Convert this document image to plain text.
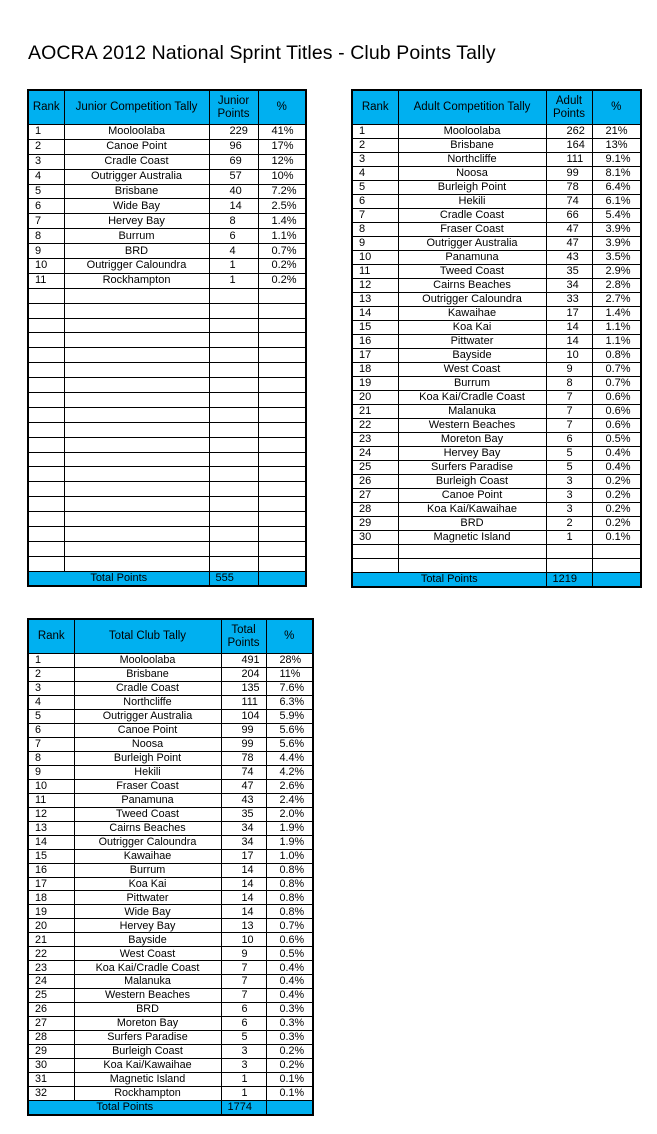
AOCRA 2012 National Sprint Titles - Club Points Tally
Rank	Junior Competition Tally	Junior Points	%
1	Mooloolaba	229	41%
2	Canoe Point	96	17%
3	Cradle Coast	69	12%
4	Outrigger Australia	57	10%
5	Brisbane	40	7.2%
6	Wide Bay	14	2.5%
7	Hervey Bay	8	1.4%
8	Burrum	6	1.1%
9	BRD	4	0.7%
10	Outrigger Caloundra	1	0.2%
11	Rockhampton	1	0.2%

Total Points		555	
Rank	Adult Competition Tally	Adult Points	%
1	Mooloolaba	262	21%
2	Brisbane	164	13%
3	Northcliffe	111	9.1%
4	Noosa	99	8.1%
5	Burleigh Point	78	6.4%
6	Hekili	74	6.1%
7	Cradle Coast	66	5.4%
8	Fraser Coast	47	3.9%
9	Outrigger Australia	47	3.9%
10	Panamuna	43	3.5%
11	Tweed Coast	35	2.9%
12	Cairns Beaches	34	2.8%
13	Outrigger Caloundra	33	2.7%
14	Kawaihae	17	1.4%
15	Koa Kai	14	1.1%
16	Pittwater	14	1.1%
17	Bayside	10	0.8%
18	West Coast	9	0.7%
19	Burrum	8	0.7%
20	Koa Kai/Cradle Coast	7	0.6%
21	Malanuka	7	0.6%
22	Western Beaches	7	0.6%
23	Moreton Bay	6	0.5%
24	Hervey Bay	5	0.4%
25	Surfers Paradise	5	0.4%
26	Burleigh Coast	3	0.2%
27	Canoe Point	3	0.2%
28	Koa Kai/Kawaihae	3	0.2%
29	BRD	2	0.2%
30	Magnetic Island	1	0.1%

Total Points		1219	
Rank	Total Club Tally	Total Points	%
1	Mooloolaba	491	28%
2	Brisbane	204	11%
3	Cradle Coast	135	7.6%
4	Northcliffe	111	6.3%
5	Outrigger Australia	104	5.9%
6	Canoe Point	99	5.6%
7	Noosa	99	5.6%
8	Burleigh Point	78	4.4%
9	Hekili	74	4.2%
10	Fraser Coast	47	2.6%
11	Panamuna	43	2.4%
12	Tweed Coast	35	2.0%
13	Cairns Beaches	34	1.9%
14	Outrigger Caloundra	34	1.9%
15	Kawaihae	17	1.0%
16	Burrum	14	0.8%
17	Koa Kai	14	0.8%
18	Pittwater	14	0.8%
19	Wide Bay	14	0.8%
20	Hervey Bay	13	0.7%
21	Bayside	10	0.6%
22	West Coast	9	0.5%
23	Koa Kai/Cradle Coast	7	0.4%
24	Malanuka	7	0.4%
25	Western Beaches	7	0.4%
26	BRD	6	0.3%
27	Moreton Bay	6	0.3%
28	Surfers Paradise	5	0.3%
29	Burleigh Coast	3	0.2%
30	Koa Kai/Kawaihae	3	0.2%
31	Magnetic Island	1	0.1%
32	Rockhampton	1	0.1%
Total Points		1774	
